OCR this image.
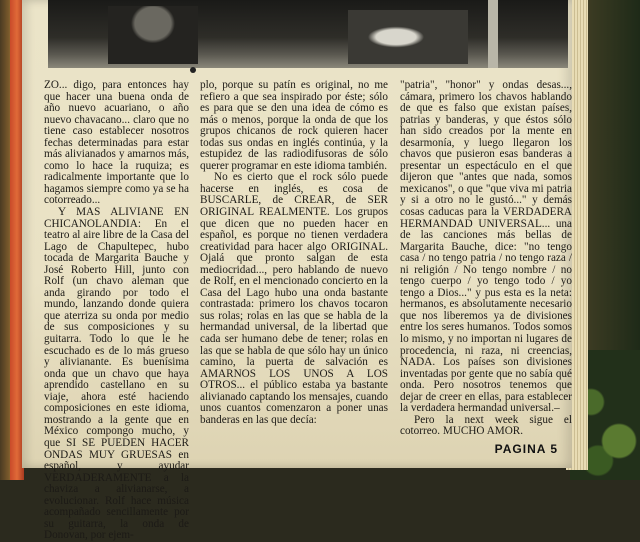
ZO... digo, para entonces hay que hacer una buena onda de año nuevo acuariano, o año nuevo chavacano... claro que no tiene caso establecer nosotros fechas determinadas para estar más alivianados y amarnos más, como lo hace la ruquiza; es radicalmente importante que lo hagamos siempre como ya se ha cotorreado...

Y MAS ALIVIANE EN CHICANOLANDIA: En el teatro al aire libre de la Casa del Lago de Chapultepec, hubo tocada de Margarita Bauche y José Roberto Hill, junto con Rolf (un chavo aleman que anda girando por todo el mundo, lanzando donde quiera que aterriza su onda por medio de sus composiciones y su guitarra. Todo lo que le he escuchado es de lo más grueso y alivianante. Es buenísima onda que un chavo que haya aprendido castellano en su viaje, ahora esté haciendo composiciones en este idioma, mostrando a la gente que en México compongo mucho, y que SI SE PUEDEN HACER ONDAS MUY GRUESAS en español, y ayudar VERDADERAMENTE a la chaviza a alivianarse, a evolucionar. Rolf hace música acompañado sencillamente por su guitarra, la onda de Donovan, por ejem-

plo, porque su patín es original, no me refiero a que sea inspirado por éste; sólo es para que se den una idea de cómo es más o menos, porque la onda de que los grupos chicanos de rock quieren hacer todas sus ondas en inglés continúa, y la estupidez de las radiodifusoras de sólo querer programar en este idioma también.

No es cierto que el rock sólo puede hacerse en inglés, es cosa de BUSCARLE, de CREAR, de SER ORIGINAL REALMENTE. Los grupos que dicen que no pueden hacer en español, es porque no tienen verdadera creatividad para hacer algo ORIGINAL. Ojalá que pronto salgan de esta mediocridad..., pero hablando de nuevo de Rolf, en el mencionado concierto en la Casa del Lago hubo una onda bastante contrastada: primero los chavos tocaron sus rolas; rolas en las que se habla de la hermandad universal, de la libertad que cada ser humano debe de tener; rolas en las que se habla de que sólo hay un único camino, la puerta de salvación es AMARNOS LOS UNOS A LOS OTROS... el público estaba ya bastante alivianado captando los mensajes, cuando unos cuantos comenzaron a poner unas banderas en las que decía:

"patria", "honor" y ondas desas..., cámara, primero los chavos hablando de que es falso que existan países, patrias y banderas, y que éstos sólo han sido creados por la mente en desarmonía, y luego llegaron los chavos que pusieron esas banderas a presentar un espectáculo en el que dijeron que "antes que nada, somos mexicanos", o que "que viva mi patria y si a otro no le gustó..." y demás cosas caducas para la VERDADERA HERMANDAD UNIVERSAL... una de las canciones más bellas de Margarita Bauche, dice: "no tengo casa / no tengo patria / no tengo raza / ni religión / No tengo nombre / no tengo cuerpo / yo tengo todo / yo tengo a Dios..." y pus esta es la neta: hermanos, es absolutamente necesario que nos liberemos ya de divisiones entre los seres humanos. Todos somos lo mismo, y no importan ni lugares de procedencia, ni raza, ni creencias, NADA. Los países son divisiones inventadas por gente que no sabía qué onda. Pero nosotros tenemos que dejar de creer en ellas, para establecer la verdadera hermandad universal.–

Pero la next week sigue el cotorreo. MUCHO AMOR.

PAGINA 5
